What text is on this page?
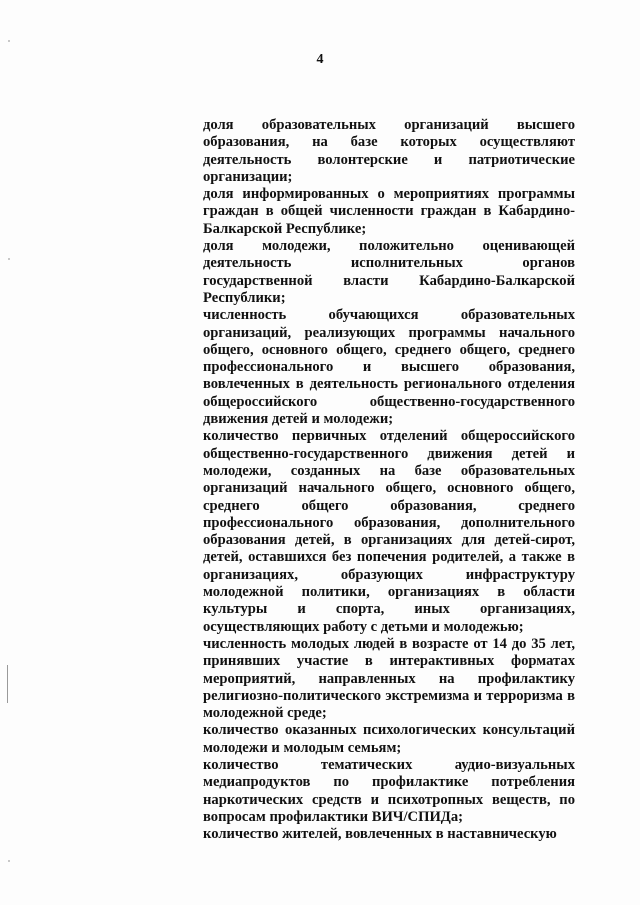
4

доля образовательных организаций высшего образования, на базе которых осуществляют деятельность волонтерские и патриотические организации;

доля информированных о мероприятиях программы граждан в общей численности граждан в Кабардино-Балкарской Республике;

доля молодежи, положительно оценивающей деятельность исполнительных органов государственной власти Кабардино-Балкарской Республики;

численность обучающихся образовательных организаций, реализующих программы начального общего, основного общего, среднего общего, среднего профессионального и высшего образования, вовлеченных в деятельность регионального отделения общероссийского общественно-государственного движения детей и молодежи;

количество первичных отделений общероссийского общественно-государственного движения детей и молодежи, созданных на базе образовательных организаций начального общего, основного общего, среднего общего образования, среднего профессионального образования, дополнительного образования детей, в организациях для детей-сирот, детей, оставшихся без попечения родителей, а также в организациях, образующих инфраструктуру молодежной политики, организациях в области культуры и спорта, иных организациях, осуществляющих работу с детьми и молодежью;

численность молодых людей в возрасте от 14 до 35 лет, принявших участие в интерактивных форматах мероприятий, направленных на профилактику религиозно-политического экстремизма и терроризма в молодежной среде;

количество оказанных психологических консультаций молодежи и молодым семьям;

количество тематических аудио-визуальных медиапродуктов по профилактике потребления наркотических средств и психотропных веществ, по вопросам профилактики ВИЧ/СПИДа;

количество жителей, вовлеченных в наставническую
